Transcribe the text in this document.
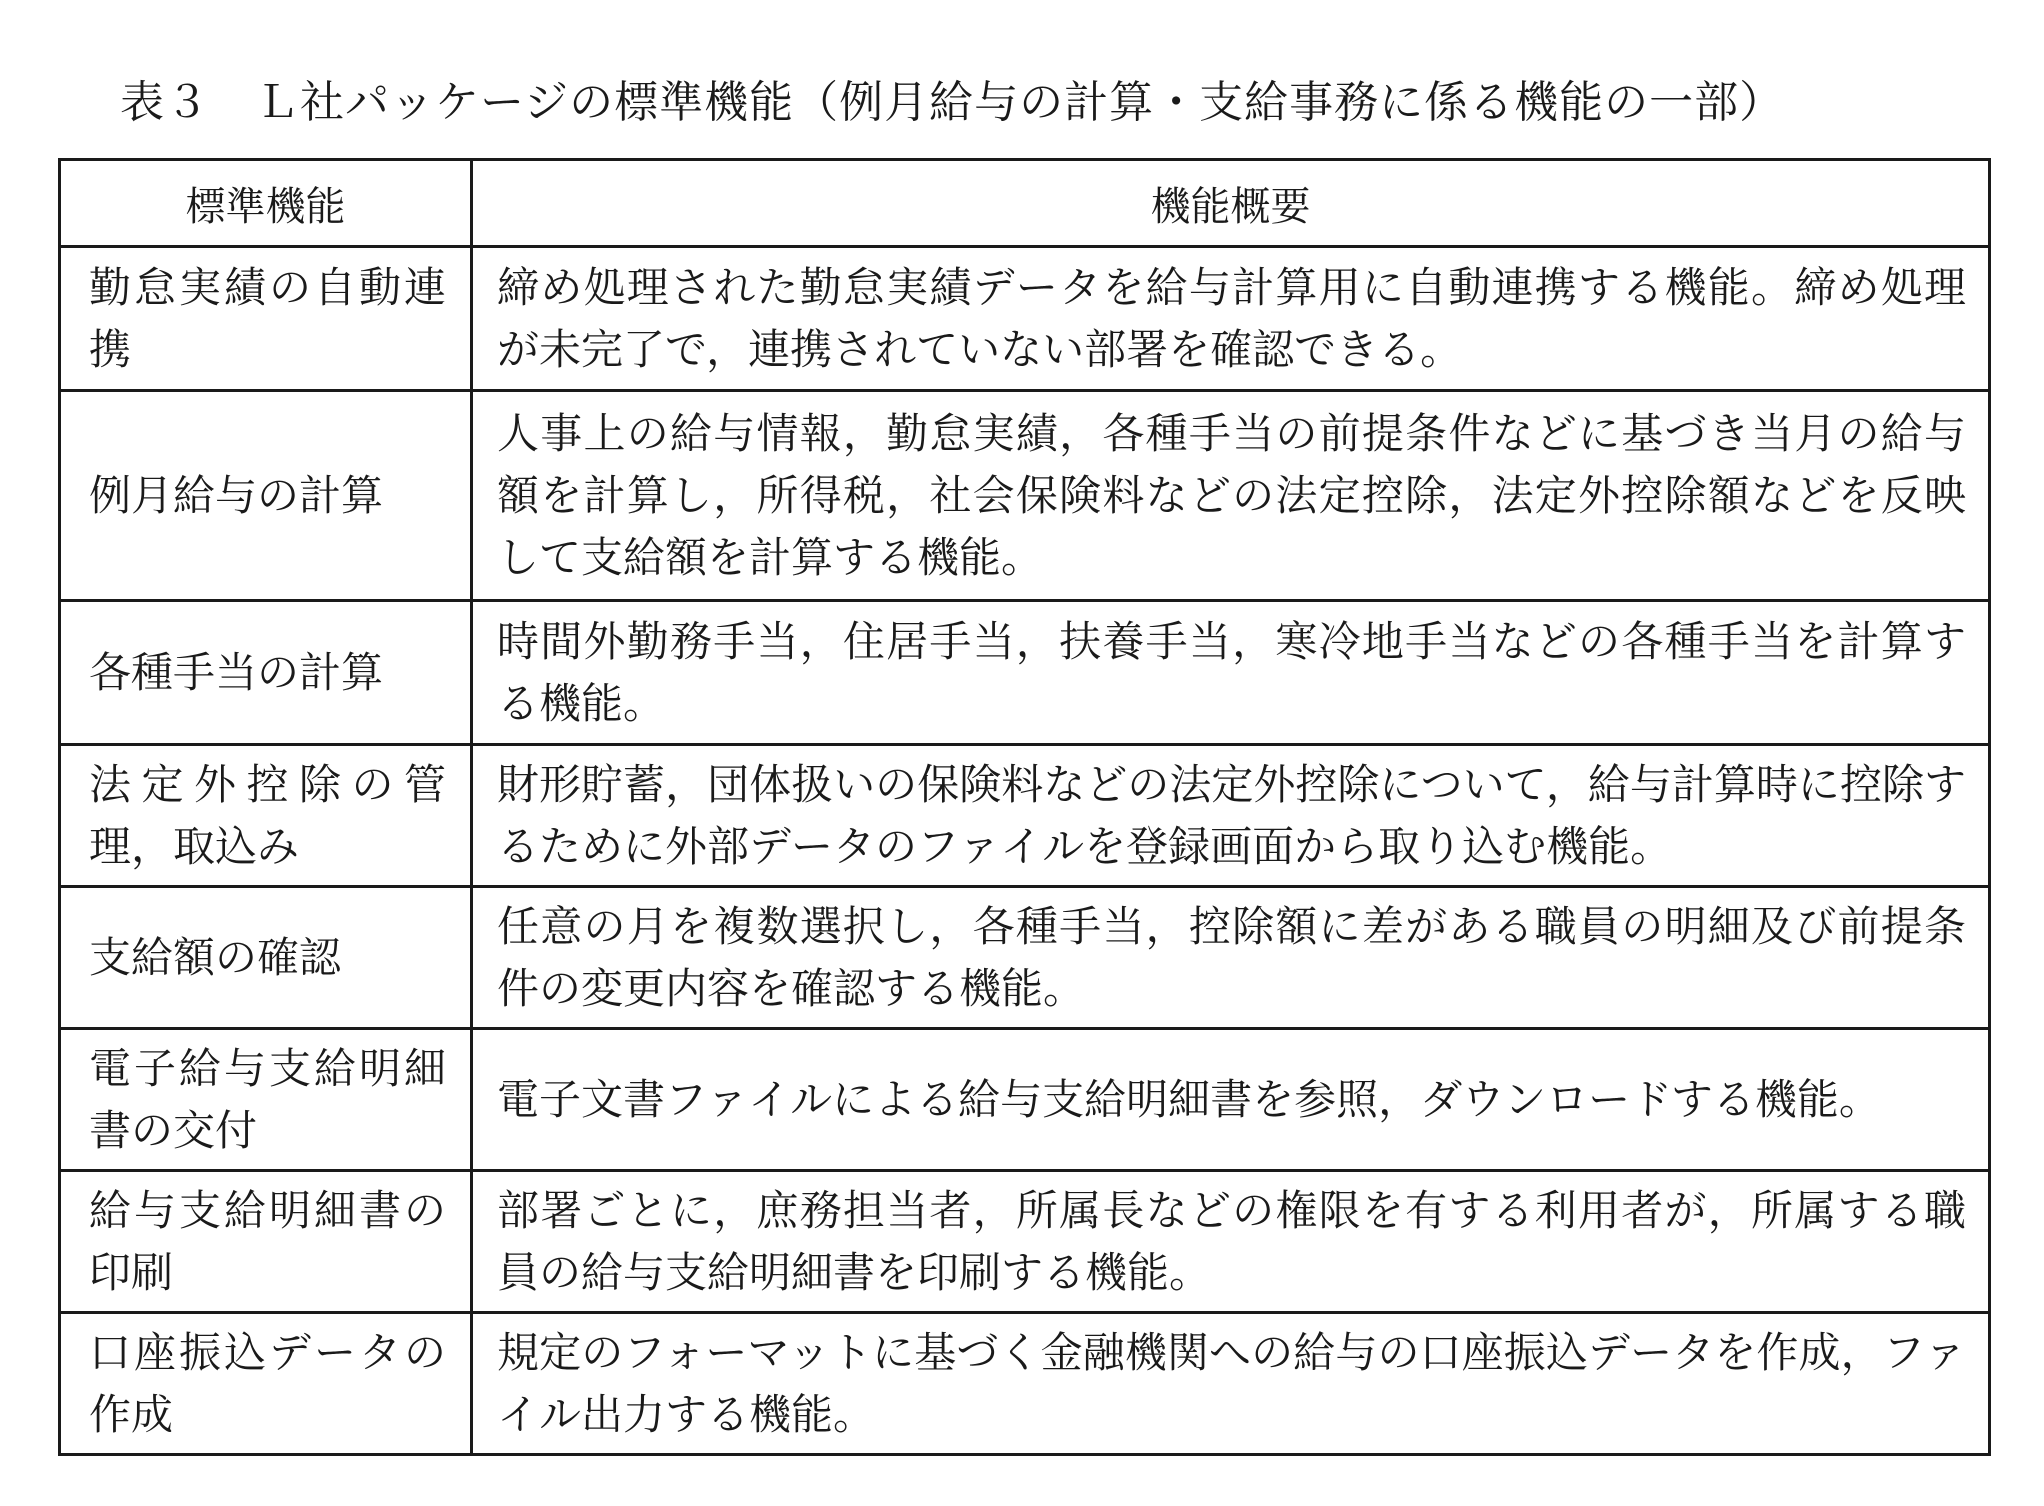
表３　Ｌ社パッケージの標準機能（例月給与の計算・支給事務に係る機能の一部）
標準機能	機能概要
勤怠実績の自動連携	締め処理された勤怠実績データを給与計算用に自動連携する機能。締め処理が未完了で，連携されていない部署を確認できる。
例月給与の計算	人事上の給与情報，勤怠実績，各種手当の前提条件などに基づき当月の給与額を計算し，所得税，社会保険料などの法定控除，法定外控除額などを反映して支給額を計算する機能。
各種手当の計算	時間外勤務手当，住居手当，扶養手当，寒冷地手当などの各種手当を計算する機能。
法定外控除の管理，取込み	財形貯蓄，団体扱いの保険料などの法定外控除について，給与計算時に控除するために外部データのファイルを登録画面から取り込む機能。
支給額の確認	任意の月を複数選択し，各種手当，控除額に差がある職員の明細及び前提条件の変更内容を確認する機能。
電子給与支給明細書の交付	電子文書ファイルによる給与支給明細書を参照，ダウンロードする機能。
給与支給明細書の印刷	部署ごとに，庶務担当者，所属長などの権限を有する利用者が，所属する職員の給与支給明細書を印刷する機能。
口座振込データの作成	規定のフォーマットに基づく金融機関への給与の口座振込データを作成，ファイル出力する機能。
